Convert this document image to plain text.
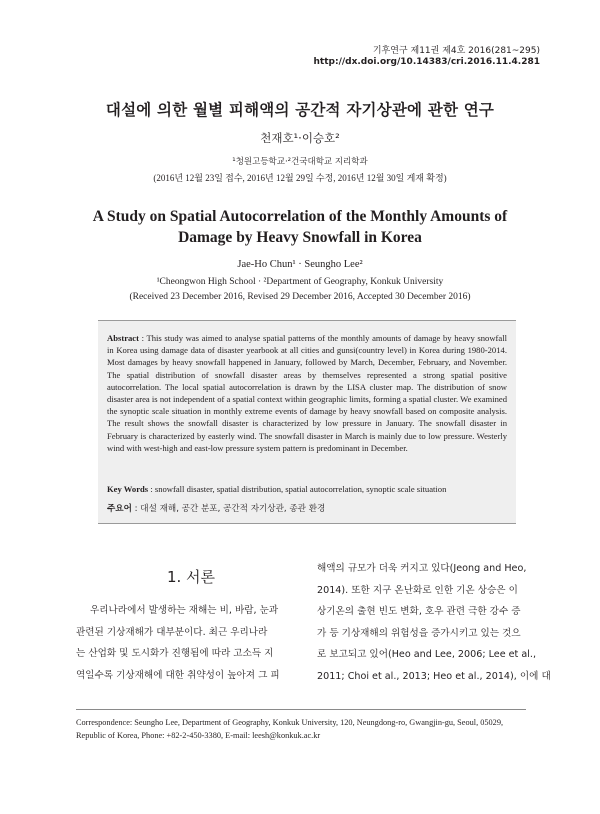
기후연구 제11권 제4호 2016(281~295)
http://dx.doi.org/10.14383/cri.2016.11.4.281
대설에 의한 월별 피해액의 공간적 자기상관에 관한 연구
천재호¹·이승호²
¹청원고등학교·²건국대학교 지리학과
(2016년 12월 23일 접수, 2016년 12월 29일 수정, 2016년 12월 30일 게재 확정)
A Study on Spatial Autocorrelation of the Monthly Amounts of
Damage by Heavy Snowfall in Korea
Jae-Ho Chun¹ · Seungho Lee²
¹Cheongwon High School · ²Department of Geography, Konkuk University
(Received 23 December 2016, Revised 29 December 2016, Accepted 30 December 2016)
Abstract : This study was aimed to analyse spatial patterns of the monthly amounts of damage by heavy snowfall in Korea using damage data of disaster yearbook at all cities and gunsi(country level) in Korea during 1980-2014. Most damages by heavy snowfall happened in January, followed by March, December, February, and November. The spatial distribution of snowfall disaster areas by themselves represented a strong spatial positive autocorrelation. The local spatial autocorrelation is drawn by the LISA cluster map. The distribution of snow disaster area is not independent of a spatial context within geographic limits, forming a spatial cluster. We examined the synoptic scale situation in monthly extreme events of damage by heavy snowfall based on composite analysis. The result shows the snowfall disaster is characterized by low pressure in January. The snowfall disaster in February is characterized by easterly wind. The snowfall disaster in March is mainly due to low pressure. Westerly wind with west-high and east-low pressure system pattern is predominant in December.
Key Words : snowfall disaster, spatial distribution, spatial autocorrelation, synoptic scale situation
주요어 : 대설 재해, 공간 분포, 공간적 자기상관, 종관 환경
1. 서론
우리나라에서 발생하는 재해는 비, 바람, 눈과
관련된 기상재해가 대부분이다. 최근 우리나라
는 산업화 및 도시화가 진행됨에 따라 고소득 지
역일수록 기상재해에 대한 취약성이 높아져 그 피
해액의 규모가 더욱 커지고 있다(Jeong and Heo,
2014). 또한 지구 온난화로 인한 기온 상승은 이
상기온의 출현 빈도 변화, 호우 관련 극한 강수 증
가 등 기상재해의 위험성을 증가시키고 있는 것으
로 보고되고 있어(Heo and Lee, 2006; Lee et al.,
2011; Choi et al., 2013; Heo et al., 2014), 이에 대
Correspondence: Seungho Lee, Department of Geography, Konkuk University, 120, Neungdong-ro, Gwangjin-gu, Seoul, 05029,
Republic of Korea, Phone: +82-2-450-3380, E-mail: leesh@konkuk.ac.kr
